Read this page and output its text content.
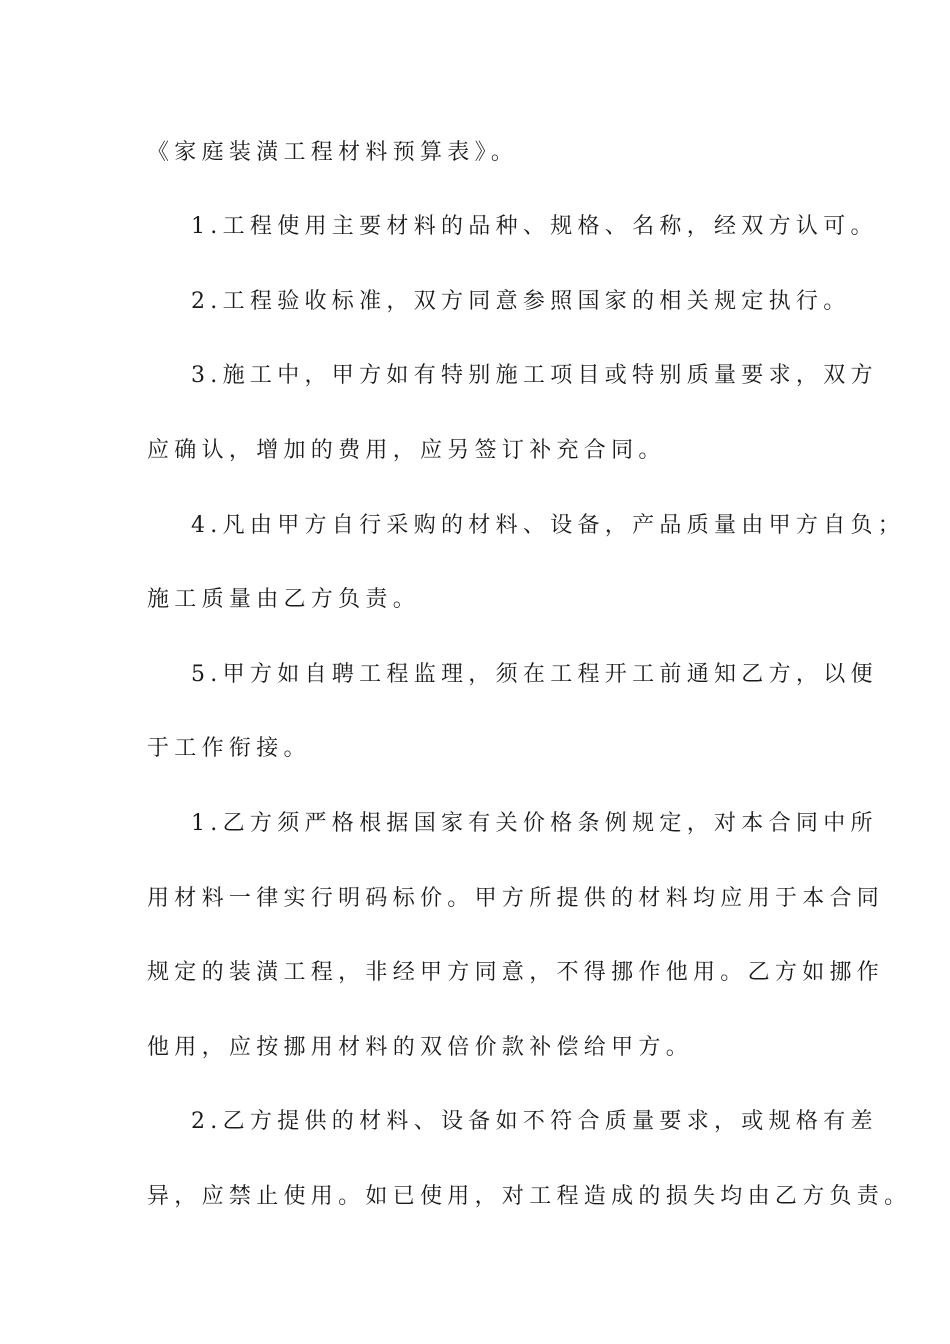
《家庭装潢工程材料预算表》。
1.工程使用主要材料的品种、规格、名称，经双方认可。
2.工程验收标准，双方同意参照国家的相关规定执行。
3.施工中，甲方如有特别施工项目或特别质量要求，双方
应确认，增加的费用，应另签订补充合同。
4.凡由甲方自行采购的材料、设备，产品质量由甲方自负；
施工质量由乙方负责。
5.甲方如自聘工程监理，须在工程开工前通知乙方，以便
于工作衔接。
1.乙方须严格根据国家有关价格条例规定，对本合同中所
用材料一律实行明码标价。甲方所提供的材料均应用于本合同
规定的装潢工程，非经甲方同意，不得挪作他用。乙方如挪作
他用，应按挪用材料的双倍价款补偿给甲方。
2.乙方提供的材料、设备如不符合质量要求，或规格有差
异，应禁止使用。如已使用，对工程造成的损失均由乙方负责。
